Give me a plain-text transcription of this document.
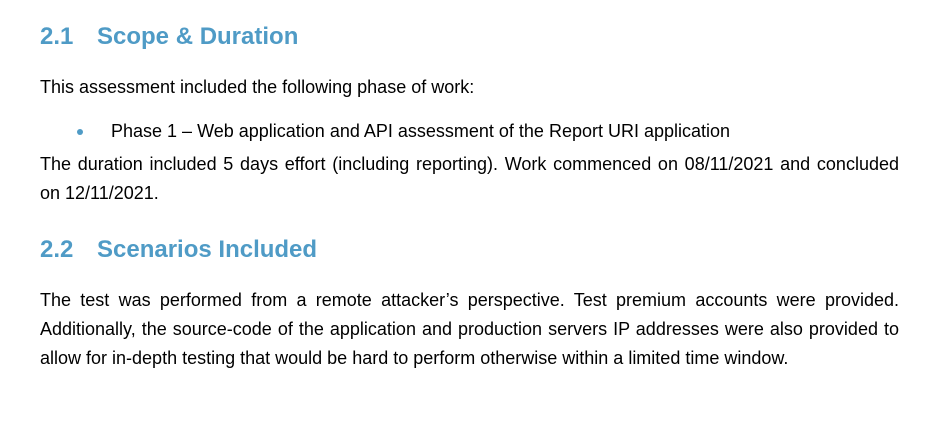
2.1 Scope & Duration

This assessment included the following phase of work:

Phase 1 – Web application and API assessment of the Report URI application

The duration included 5 days effort (including reporting). Work commenced on 08/11/2021 and concluded on 12/11/2021.

2.2 Scenarios Included

The test was performed from a remote attacker’s perspective. Test premium accounts were provided. Additionally, the source-code of the application and production servers IP addresses were also provided to allow for in-depth testing that would be hard to perform otherwise within a limited time window.
